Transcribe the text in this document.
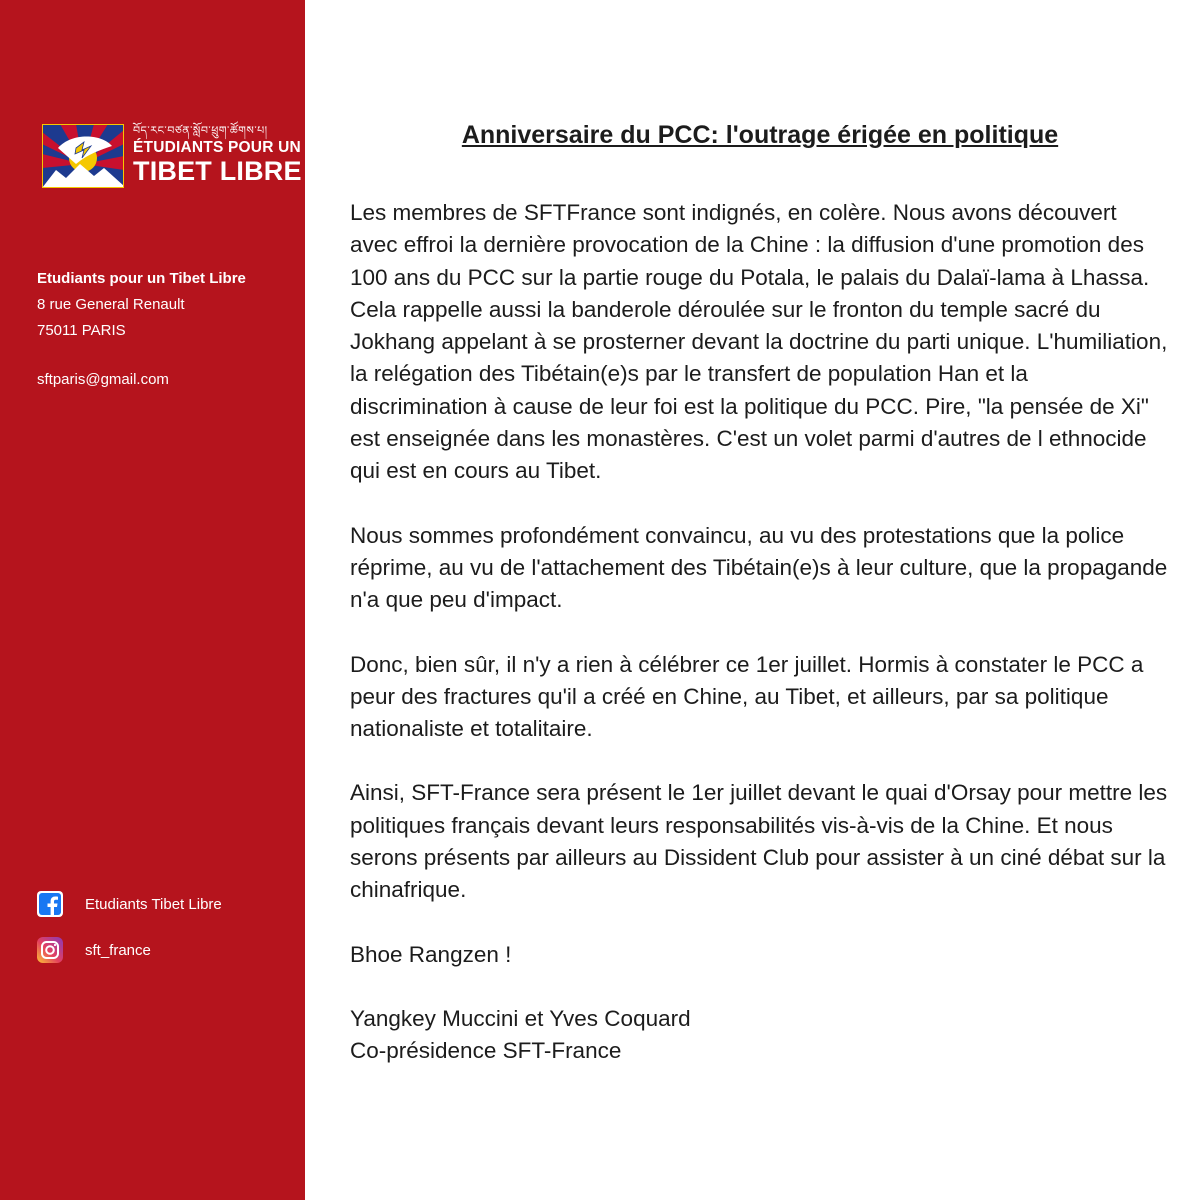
བོད་རང་བཙན་སློབ་ཕྲུག་ཚོགས་པ།
ÉTUDIANTS POUR UN
TIBET LIBRE
Etudiants pour un Tibet Libre
8 rue General Renault
75011 PARIS
sftparis@gmail.com
Etudiants Tibet Libre
sft_france
Anniversaire du PCC: l'outrage érigée en politique

Les membres de SFTFrance sont indignés, en colère. Nous avons découvert avec effroi la dernière provocation de la Chine : la diffusion d'une promotion des 100 ans du PCC sur la partie rouge du Potala, le palais du Dalaï-lama à Lhassa. Cela rappelle aussi la banderole déroulée sur le fronton du temple sacré du Jokhang appelant à se prosterner devant la doctrine du parti unique. L'humiliation, la relégation des Tibétain(e)s par le transfert de population Han et la discrimination à cause de leur foi est la politique du PCC. Pire, "la pensée de Xi" est enseignée dans les monastères. C'est un volet parmi d'autres de l ethnocide qui est en cours au Tibet.

Nous sommes profondément convaincu, au vu des protestations que la police réprime, au vu de l'attachement des Tibétain(e)s à leur culture, que la propagande n'a que peu d'impact.

Donc, bien sûr, il n'y a rien à célébrer ce 1er juillet. Hormis à constater le PCC a peur des fractures qu'il a créé en Chine, au Tibet, et ailleurs, par sa politique nationaliste et totalitaire.

Ainsi, SFT-France sera présent le 1er juillet devant le quai d'Orsay pour mettre les politiques français devant leurs responsabilités vis-à-vis de la Chine. Et nous serons présents par ailleurs au Dissident Club pour assister à un ciné débat sur la chinafrique.

Bhoe Rangzen !

Yangkey Muccini et Yves Coquard

Co-présidence SFT-France
